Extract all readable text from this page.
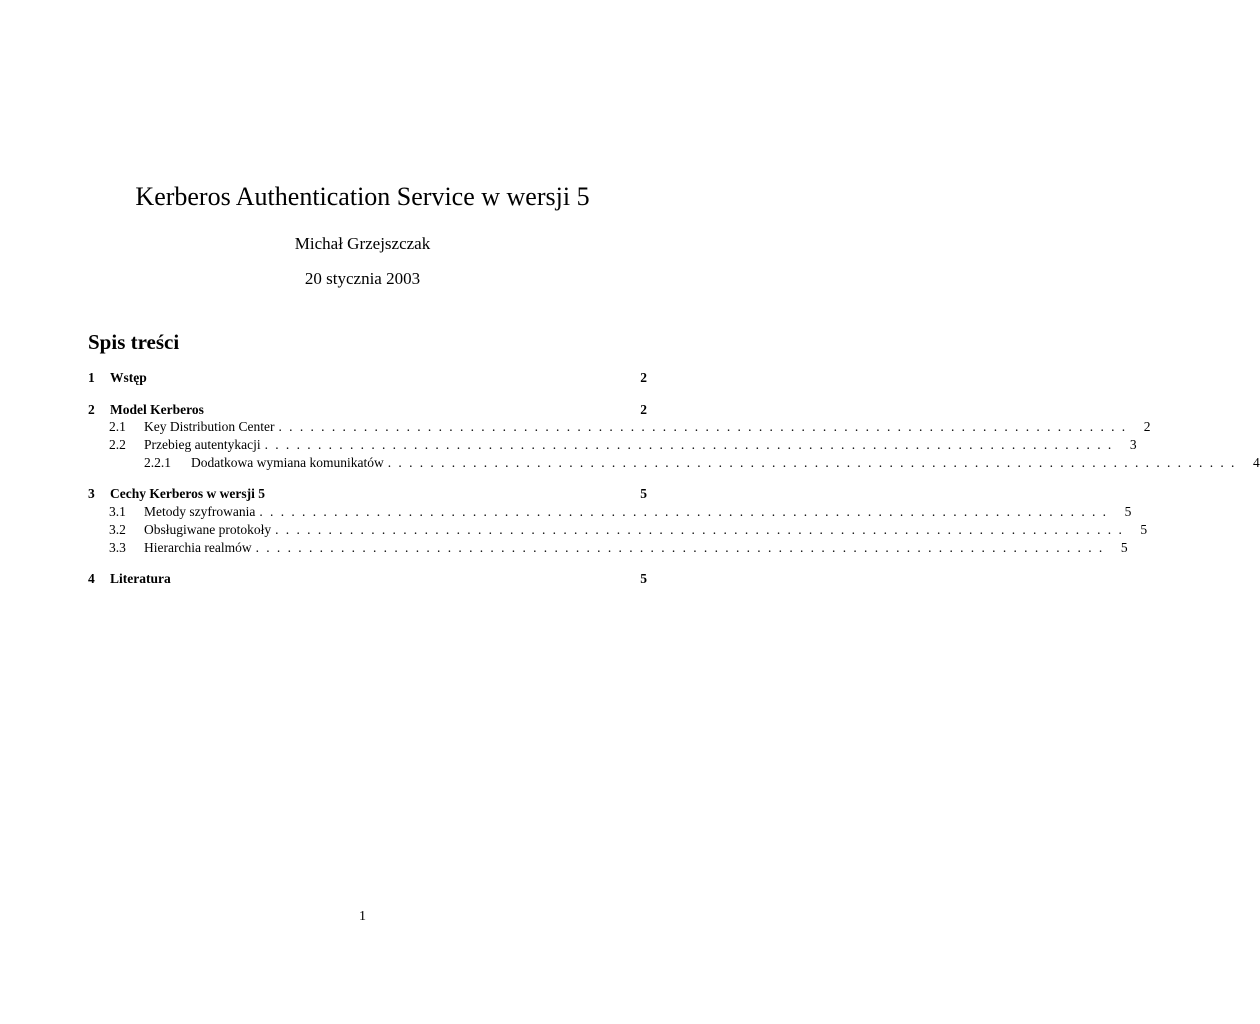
Kerberos Authentication Service w wersji 5
Michał Grzejszczak
20 stycznia 2003
Spis treści
1	Wstęp	2
2	Model Kerberos	2
2.1	Key Distribution Center ................................................................................ 2
2.2	Przebieg autentykacji ................................................................................ 3
2.2.1	Dodatkowa wymiana komunikatów ................................................................................ 4
3	Cechy Kerberos w wersji 5	5
3.1	Metody szyfrowania ................................................................................ 5
3.2	Obsługiwane protokoły ................................................................................ 5
3.3	Hierarchia realmów ................................................................................ 5
4	Literatura	5
1
